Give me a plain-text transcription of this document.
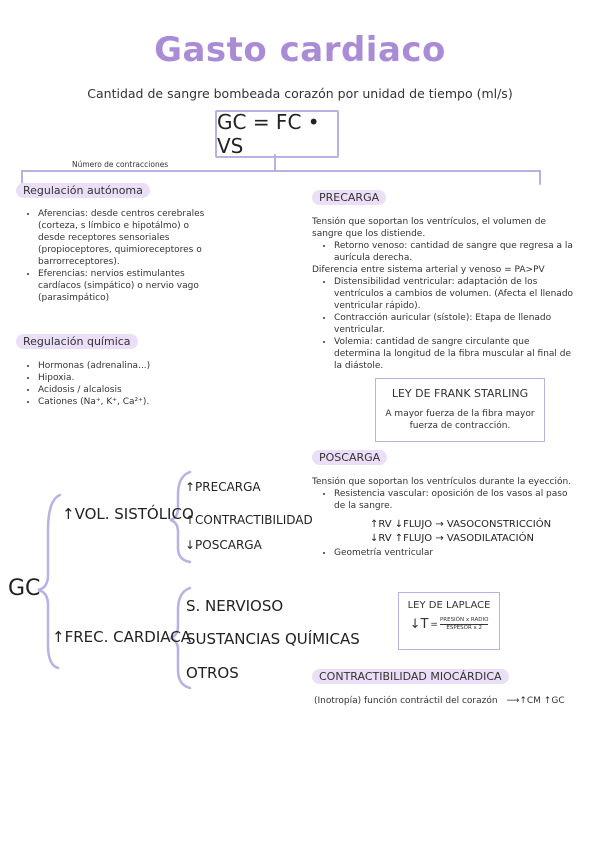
Gasto cardiaco
Cantidad de sangre bombeada corazón por unidad de tiempo (ml/s)
GC = FC • VS
Número de contracciones
Regulación autónoma
• Aferencias: desde centros cerebrales (corteza, s límbico e hipotálmo) o desde receptores sensoriales (propioceptores, quimioreceptores o barrorreceptores).
• Eferencias: nervios estimulantes cardíacos (simpático) o nervio vago (parasimpático)
Regulación química
• Hormonas (adrenalina...)
• Hipoxia.
• Acidosis / alcalosis
• Cationes (Na⁺, K⁺, Ca²⁺).
PRECARGA
Tensión que soportan los ventrículos, el volumen de sangre que los distiende.
• Retorno venoso: cantidad de sangre que regresa a la aurícula derecha.
Diferencia entre sistema arterial y venoso = PA>PV
• Distensibilidad ventricular: adaptación de los ventrículos a cambios de volumen. (Afecta el llenado ventricular rápido).
• Contracción auricular (sístole): Etapa de llenado ventricular.
• Volemia: cantidad de sangre circulante que determina la longitud de la fibra muscular al final de la diástole.
LEY DE FRANK STARLING
A mayor fuerza de la fibra mayor fuerza de contracción.
POSCARGA
Tensión que soportan los ventrículos durante la eyección.
• Resistencia vascular: oposición de los vasos al paso de la sangre.
↑RV ↓FLUJO → VASOCONSTRICCIÓN
↓RV ↑FLUJO → VASODILATACIÓN
• Geometría ventricular
LEY DE LAPLACE
↓T = PRESIÓN x RADIO
ESPESOR x 2
CONTRACTIBILIDAD MIOCÁRDICA
(Inotropía) función contráctil del corazón ⟶↑CM ↑GC
GC
↑VOL. SISTÓLICO
↑PRECARGA
↑CONTRACTIBILIDAD
↓POSCARGA
↑FREC. CARDIACA
S. NERVIOSO
SUSTANCIAS QUÍMICAS
OTROS
